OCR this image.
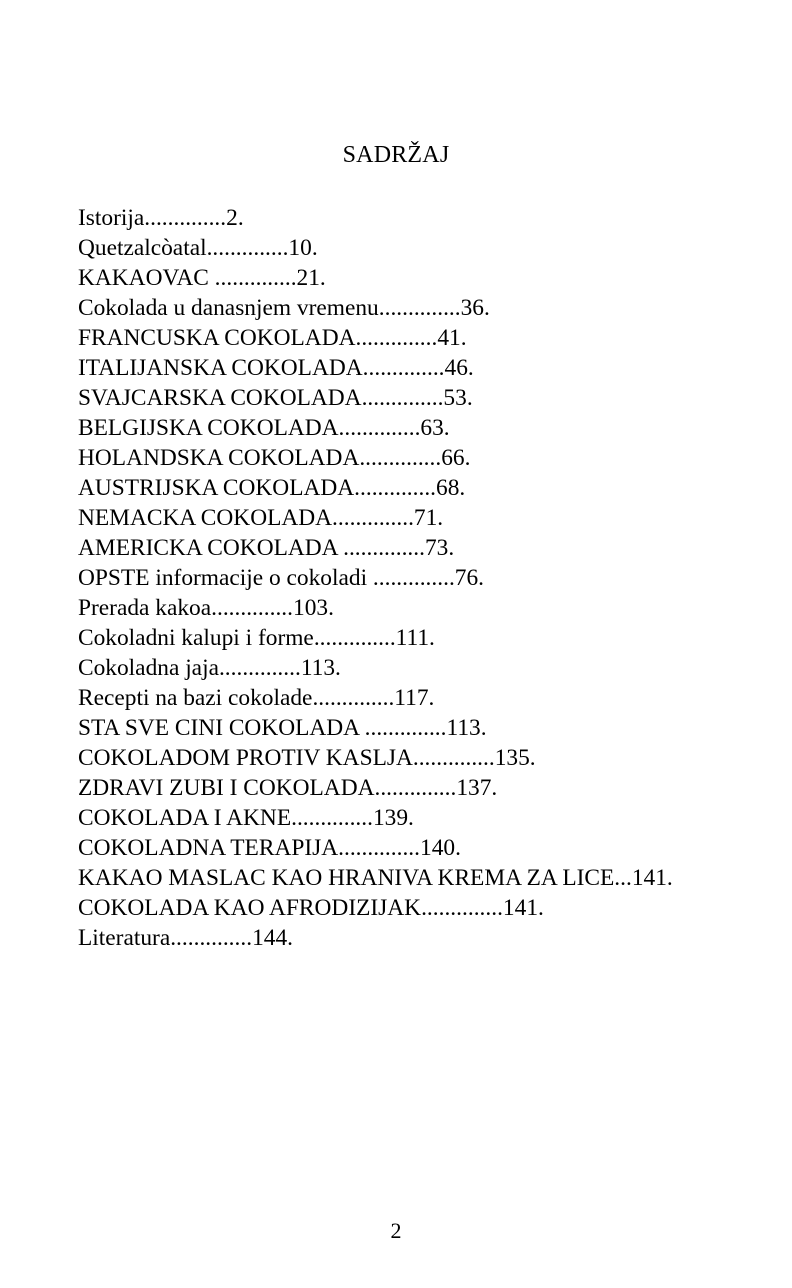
SADRŽAJ
Istorija..............2.
Quetzalcòatal..............10.
KAKAOVAC ..............21.
Cokolada u danasnjem vremenu..............36.
FRANCUSKA COKOLADA..............41.
ITALIJANSKA COKOLADA..............46.
SVAJCARSKA COKOLADA..............53.
BELGIJSKA COKOLADA..............63.
HOLANDSKA COKOLADA..............66.
AUSTRIJSKA COKOLADA..............68.
NEMACKA COKOLADA..............71.
AMERICKA COKOLADA ..............73.
OPSTE informacije o cokoladi ..............76.
Prerada kakoa..............103.
Cokoladni kalupi i forme..............111.
Cokoladna jaja..............113.
Recepti na bazi cokolade..............117.
STA SVE CINI COKOLADA ..............113.
COKOLADOM PROTIV KASLJA..............135.
ZDRAVI ZUBI I COKOLADA..............137.
COKOLADA I AKNE..............139.
COKOLADNA TERAPIJA..............140.
KAKAO MASLAC KAO HRANIVA KREMA ZA LICE...141.
COKOLADA KAO AFRODIZIJAK..............141.
Literatura..............144.
2
